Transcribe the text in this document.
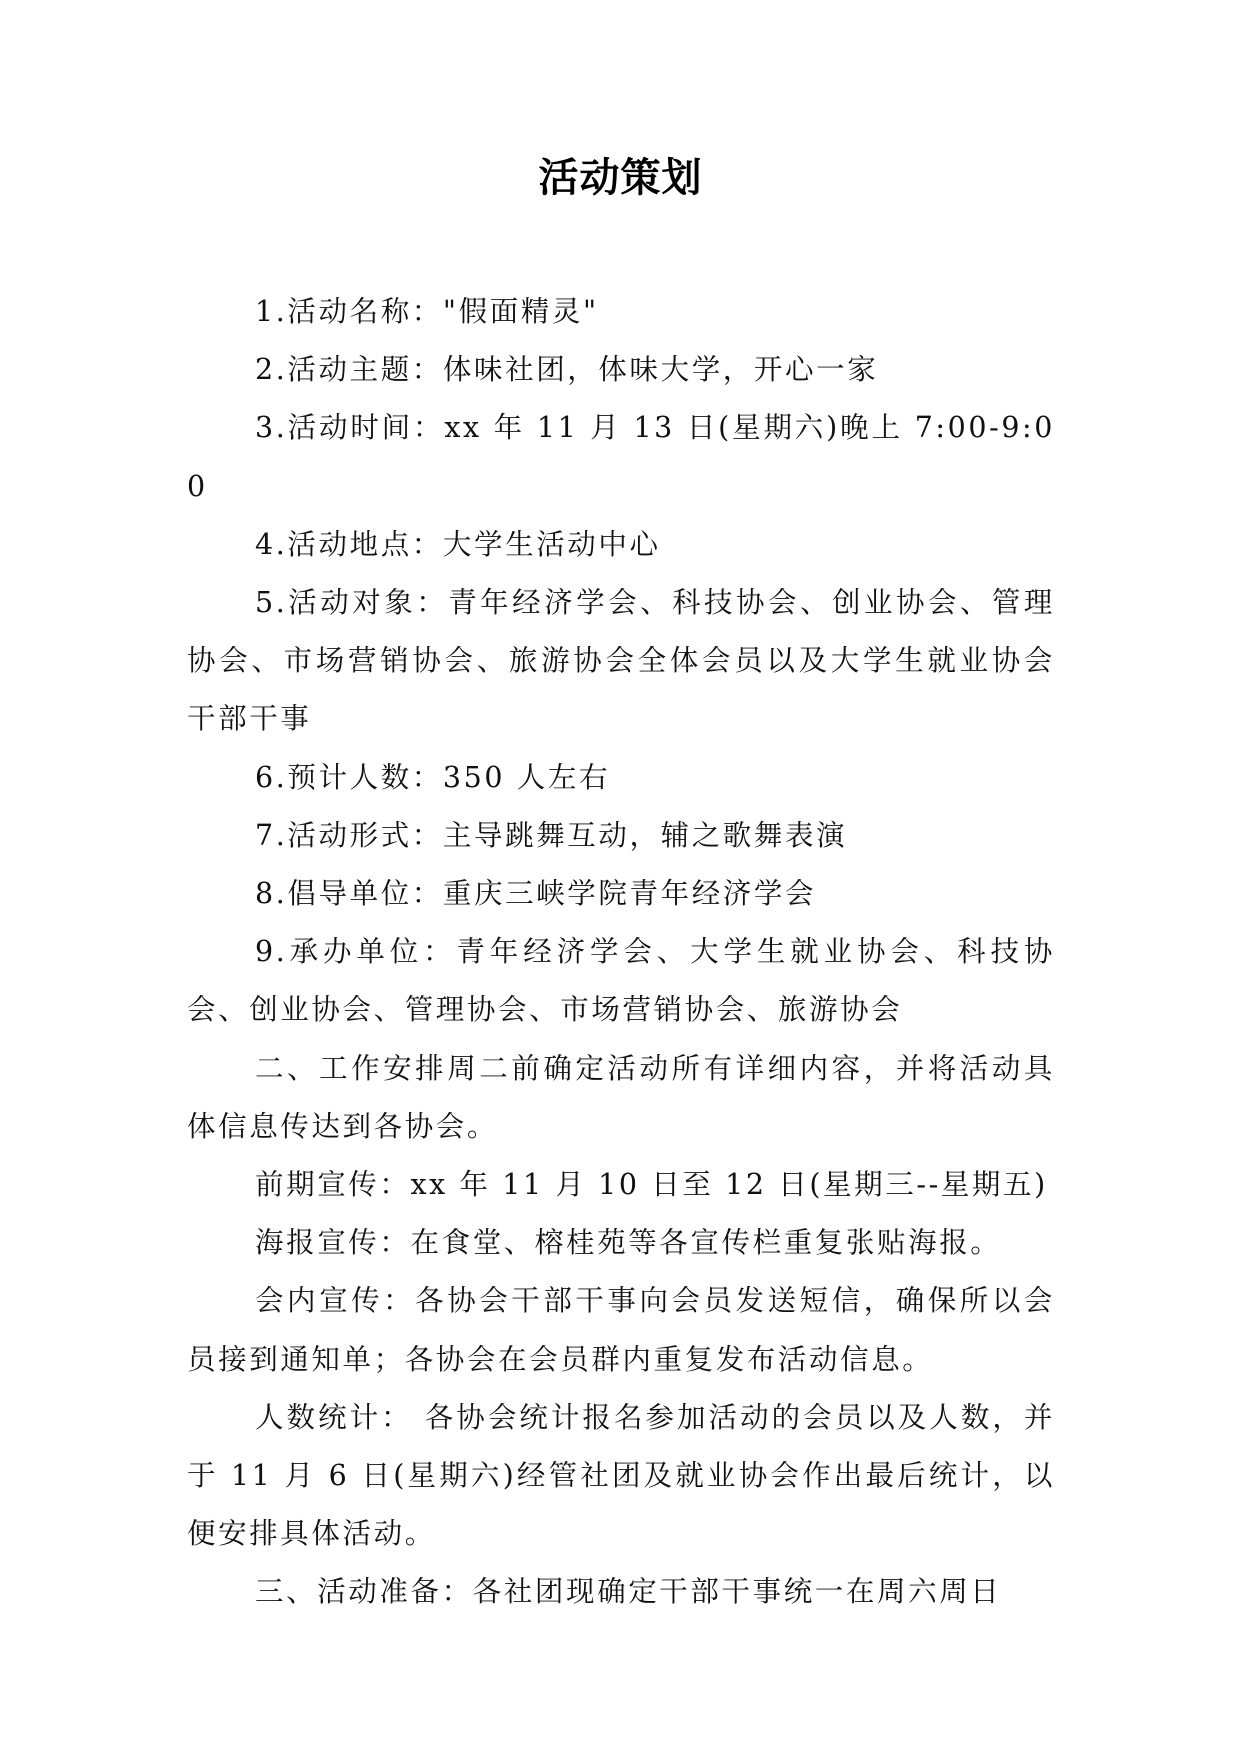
活动策划

1.活动名称："假面精灵"

2.活动主题：体味社团，体味大学，开心一家

3.活动时间：xx 年 11 月 13 日(星期六)晚上 7:00-9:00

4.活动地点：大学生活动中心

5.活动对象：青年经济学会、科技协会、创业协会、管理协会、市场营销协会、旅游协会全体会员以及大学生就业协会干部干事

6.预计人数：350 人左右

7.活动形式：主导跳舞互动，辅之歌舞表演

8.倡导单位：重庆三峡学院青年经济学会

9.承办单位：青年经济学会、大学生就业协会、科技协会、创业协会、管理协会、市场营销协会、旅游协会

二、工作安排周二前确定活动所有详细内容，并将活动具体信息传达到各协会。

前期宣传：xx 年 11 月 10 日至 12 日(星期三--星期五)

海报宣传：在食堂、榕桂苑等各宣传栏重复张贴海报。

会内宣传：各协会干部干事向会员发送短信，确保所以会员接到通知单；各协会在会员群内重复发布活动信息。

人数统计： 各协会统计报名参加活动的会员以及人数，并于 11 月 6 日(星期六)经管社团及就业协会作出最后统计，以便安排具体活动。

三、活动准备：各社团现确定干部干事统一在周六周日
